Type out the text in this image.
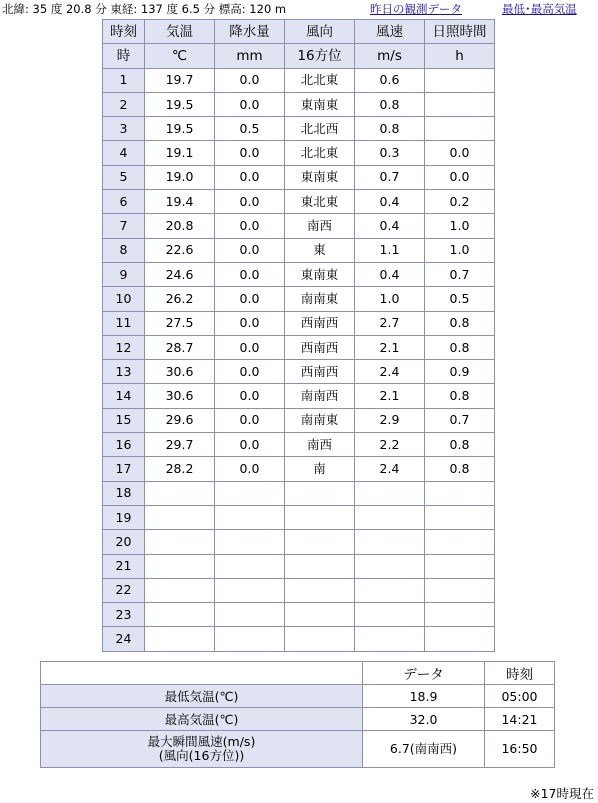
北緯: 35 度 20.8 分 東経: 137 度 6.5 分 標高: 120 m	昨日の観測データ	最低･最高気温
時刻	気温	降水量	風向	風速	日照時間
時	℃	mm	16方位	m/s	h
1	19.7	0.0	北北東	0.6	
2	19.5	0.0	東南東	0.8	
3	19.5	0.5	北北西	0.8	
4	19.1	0.0	北北東	0.3	0.0
5	19.0	0.0	東南東	0.7	0.0
6	19.4	0.0	東北東	0.4	0.2
7	20.8	0.0	南西	0.4	1.0
8	22.6	0.0	東	1.1	1.0
9	24.6	0.0	東南東	0.4	0.7
10	26.2	0.0	南南東	1.0	0.5
11	27.5	0.0	西南西	2.7	0.8
12	28.7	0.0	西南西	2.1	0.8
13	30.6	0.0	西南西	2.4	0.9
14	30.6	0.0	南南西	2.1	0.8
15	29.6	0.0	南南東	2.9	0.7
16	29.7	0.0	南西	2.2	0.8
17	28.2	0.0	南	2.4	0.8
18					
19					
20					
21					
22					
23					
24					
	データ	時刻
最低気温(℃)	18.9	05:00
最高気温(℃)	32.0	14:21

最大瞬間風速(m/s)
(風向(16方位))	6.7(南南西)	16:50
※17時現在
